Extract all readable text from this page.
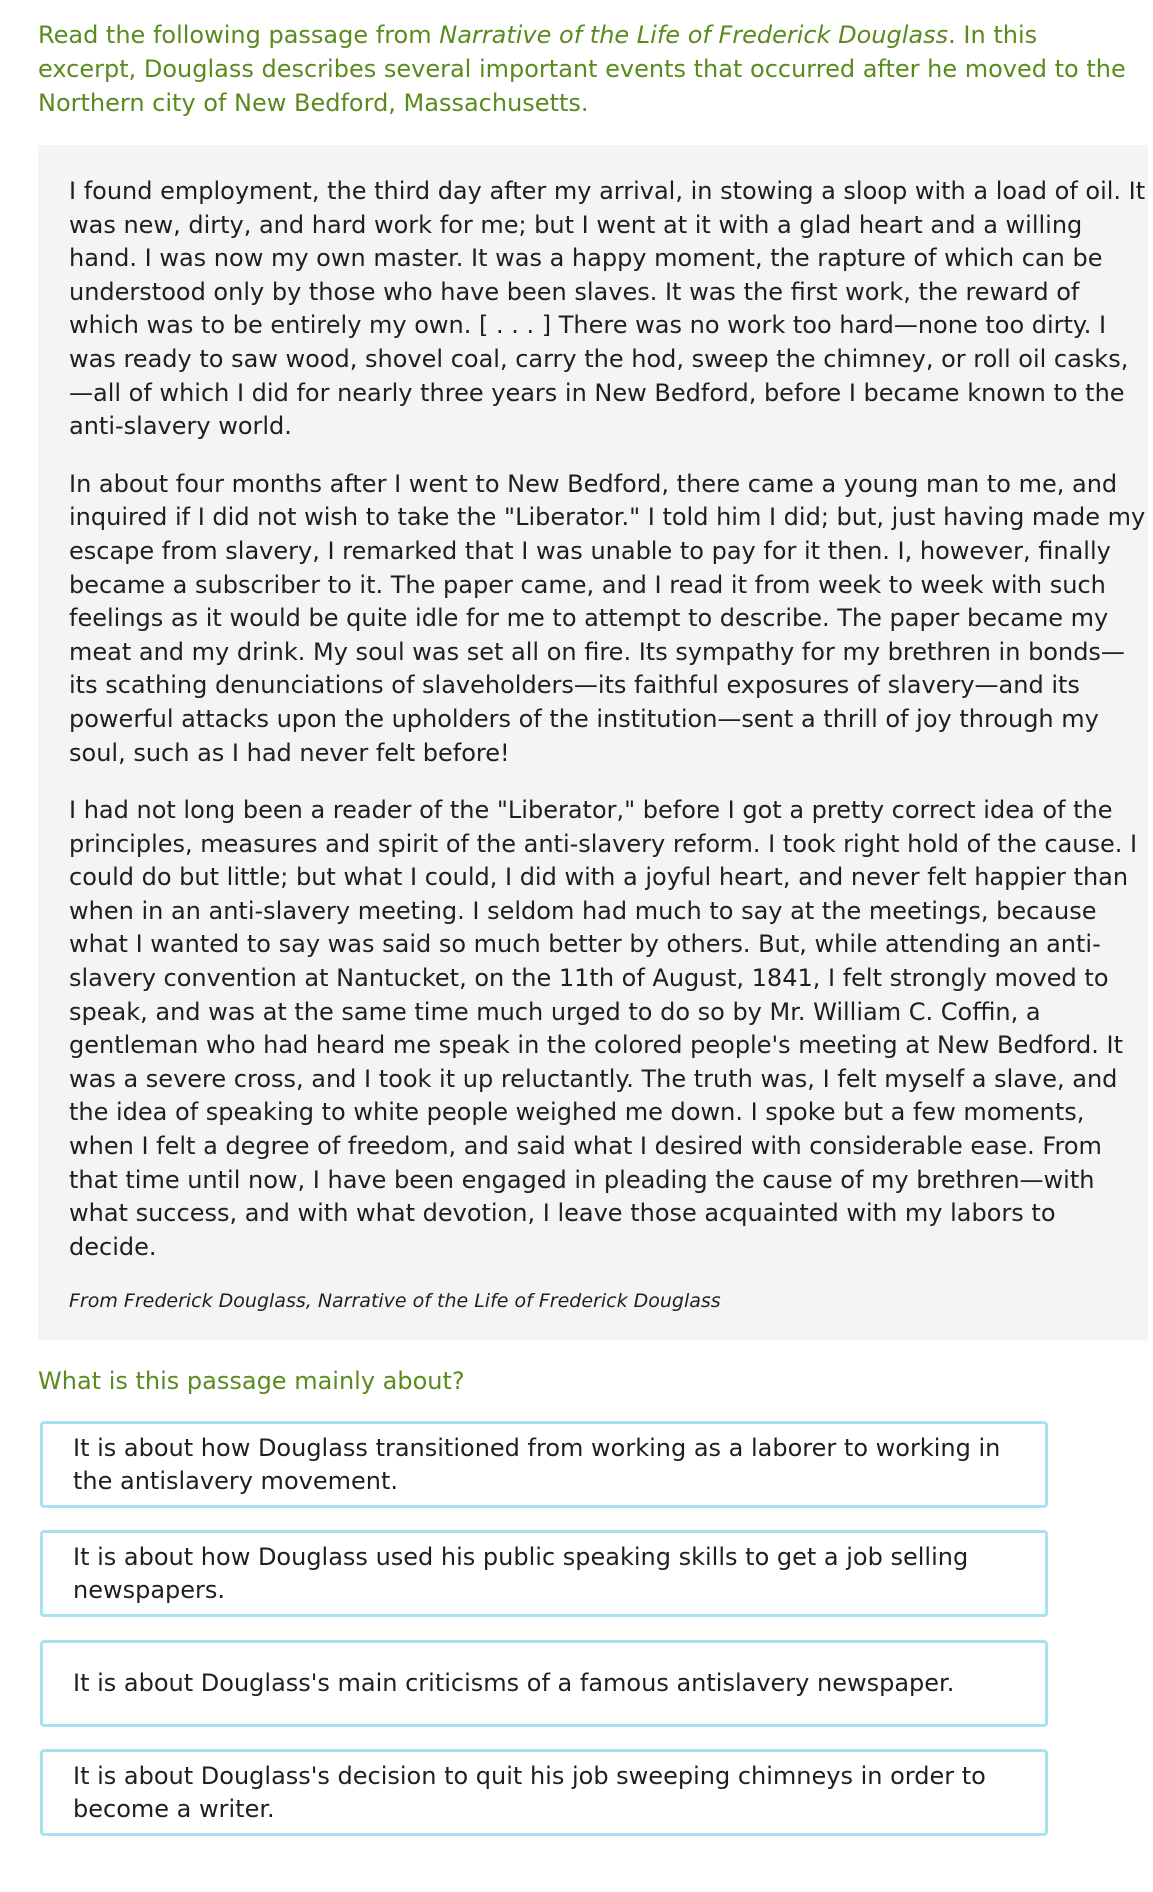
Read the following passage from Narrative of the Life of Frederick Douglass. In this excerpt, Douglass describes several important events that occurred after he moved to the Northern city of New Bedford, Massachusetts.

I found employment, the third day after my arrival, in stowing a sloop with a load of oil. It was new, dirty, and hard work for me; but I went at it with a glad heart and a willing hand. I was now my own master. It was a happy moment, the rapture of which can be understood only by those who have been slaves. It was the first work, the reward of which was to be entirely my own. [ . . . ] There was no work too hard—none too dirty. I was ready to saw wood, shovel coal, carry the hod, sweep the chimney, or roll oil casks,—all of which I did for nearly three years in New Bedford, before I became known to the anti-slavery world.

In about four months after I went to New Bedford, there came a young man to me, and inquired if I did not wish to take the "Liberator." I told him I did; but, just having made my escape from slavery, I remarked that I was unable to pay for it then. I, however, finally became a subscriber to it. The paper came, and I read it from week to week with such feelings as it would be quite idle for me to attempt to describe. The paper became my meat and my drink. My soul was set all on fire. Its sympathy for my brethren in bonds—its scathing denunciations of slaveholders—its faithful exposures of slavery—and its powerful attacks upon the upholders of the institution—sent a thrill of joy through my soul, such as I had never felt before!

I had not long been a reader of the "Liberator," before I got a pretty correct idea of the principles, measures and spirit of the anti-slavery reform. I took right hold of the cause. I could do but little; but what I could, I did with a joyful heart, and never felt happier than when in an anti-slavery meeting. I seldom had much to say at the meetings, because what I wanted to say was said so much better by others. But, while attending an anti-slavery convention at Nantucket, on the 11th of August, 1841, I felt strongly moved to speak, and was at the same time much urged to do so by Mr. William C. Coffin, a gentleman who had heard me speak in the colored people's meeting at New Bedford. It was a severe cross, and I took it up reluctantly. The truth was, I felt myself a slave, and the idea of speaking to white people weighed me down. I spoke but a few moments, when I felt a degree of freedom, and said what I desired with considerable ease. From that time until now, I have been engaged in pleading the cause of my brethren—with what success, and with what devotion, I leave those acquainted with my labors to decide.

From Frederick Douglass, Narrative of the Life of Frederick Douglass

What is this passage mainly about?
It is about how Douglass transitioned from working as a laborer to working in the antislavery movement.
It is about how Douglass used his public speaking skills to get a job selling newspapers.
It is about Douglass's main criticisms of a famous antislavery newspaper.
It is about Douglass's decision to quit his job sweeping chimneys in order to become a writer.
